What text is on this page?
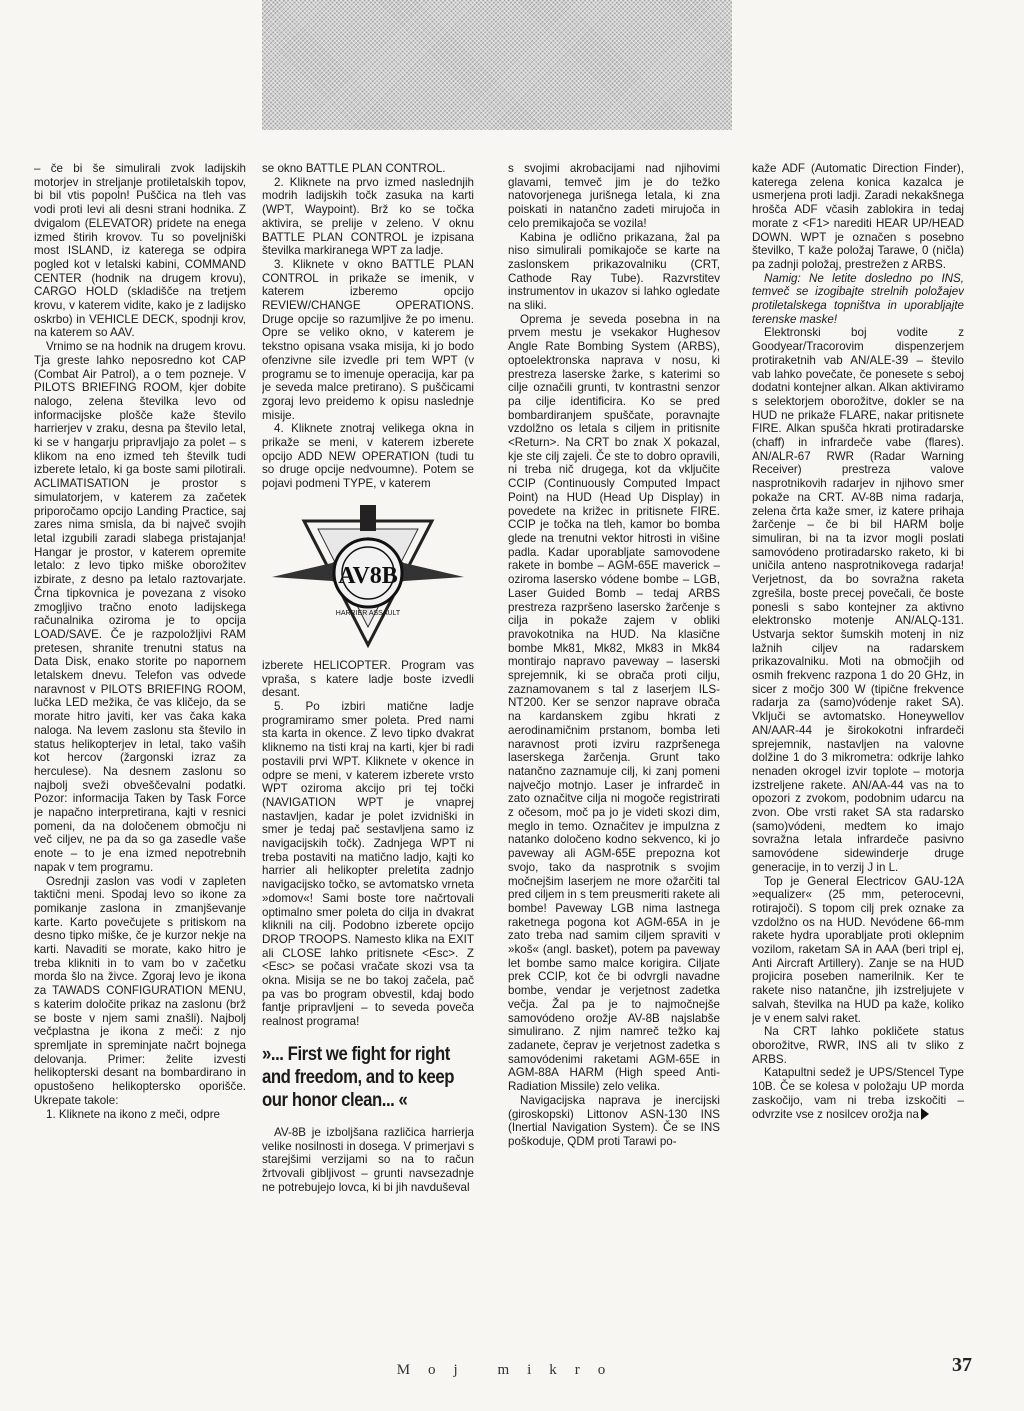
– če bi še simulirali zvok ladijskih motorjev in streljanje protiletalskih topov, bi bil vtis popoln! Puščica na tleh vas vodi proti levi ali desni strani hodnika. Z dvigalom (ELEVATOR) pridete na enega izmed štirih krovov. Tu so poveljniški most ISLAND, iz katerega se odpira pogled kot v letalski kabini, COMMAND CENTER (hodnik na drugem krovu), CARGO HOLD (skladišče na tretjem krovu, v katerem vidite, kako je z ladijsko oskrbo) in VEHICLE DECK, spodnji krov, na katerem so AAV.

Vrnimo se na hodnik na drugem krovu. Tja greste lahko neposredno kot CAP (Combat Air Patrol), a o tem pozneje. V PILOTS BRIEFING ROOM, kjer dobite nalogo, zelena številka levo od informacijske plošče kaže število harrierjev v zraku, desna pa število letal, ki se v hangarju pripravljajo za polet – s klikom na eno izmed teh številk tudi izberete letalo, ki ga boste sami pilotirali. ACLIMATISATION je prostor s simulatorjem, v katerem za začetek priporočamo opcijo Landing Practice, saj zares nima smisla, da bi največ svojih letal izgubili zaradi slabega pristajanja! Hangar je prostor, v katerem opremite letalo: z levo tipko miške oborožitev izbirate, z desno pa letalo raztovarjate. Črna tipkovnica je povezana z visoko zmogljivo tračno enoto ladijskega računalnika oziroma je to opcija LOAD/SAVE. Če je razpoložljivi RAM pretesen, shranite trenutni status na Data Disk, enako storite po napornem letalskem dnevu. Telefon vas odvede naravnost v PILOTS BRIEFING ROOM, lučka LED mežika, če vas kličejo, da se morate hitro javiti, ker vas čaka kaka naloga. Na levem zaslonu sta število in status helikopterjev in letal, tako vaših kot hercov (žargonski izraz za herculese). Na desnem zaslonu so najbolj sveži obveščevalni podatki. Pozor: informacija Taken by Task Force je napačno interpretirana, kajti v resnici pomeni, da na določenem območju ni več ciljev, ne pa da so ga zasedle vaše enote – to je ena izmed nepotrebnih napak v tem programu.

Osrednji zaslon vas vodi v zapleten taktični meni. Spodaj levo so ikone za pomikanje zaslona in zmanjševanje karte. Karto povečujete s pritiskom na desno tipko miške, če je kurzor nekje na karti. Navaditi se morate, kako hitro je treba klikniti in to vam bo v začetku morda šlo na živce. Zgoraj levo je ikona za TAWADS CONFIGURATION MENU, s katerim določite prikaz na zaslonu (brž se boste v njem sami znašli). Najbolj večplastna je ikona z meči: z njo spremljate in spreminjate načrt bojnega delovanja. Primer: želite izvesti helikopterski desant na bombardirano in opustošeno helikoptersko oporišče. Ukrepate takole:

1. Kliknete na ikono z meči, odpre

se okno BATTLE PLAN CONTROL.

2. Kliknete na prvo izmed naslednjih modrih ladijskih točk zasuka na karti (WPT, Waypoint). Brž ko se točka aktivira, se prelije v zeleno. V oknu BATTLE PLAN CONTROL je izpisana številka markiranega WPT za ladje.

3. Kliknete v okno BATTLE PLAN CONTROL in prikaže se imenik, v katerem izberemo opcijo REVIEW/CHANGE OPERATIONS. Druge opcije so razumljive že po imenu. Opre se veliko okno, v katerem je tekstno opisana vsaka misija, ki jo bodo ofenzivne sile izvedle pri tem WPT (v programu se to imenuje operacija, kar pa je seveda malce pretirano). S puščicami zgoraj levo preidemo k opisu naslednje misije.

4. Kliknete znotraj velikega okna in prikaže se meni, v katerem izberete opcijo ADD NEW OPERATION (tudi tu so druge opcije nedvoumne). Potem se pojavi podmeni TYPE, v katerem

AV8B
HARRIER ASSAULT

izberete HELICOPTER. Program vas vpraša, s katere ladje boste izvedli desant.

5. Po izbiri matične ladje programiramo smer poleta. Pred nami sta karta in okence. Z levo tipko dvakrat kliknemo na tisti kraj na karti, kjer bi radi postavili prvi WPT. Kliknete v okence in odpre se meni, v katerem izberete vrsto WPT oziroma akcijo pri tej točki (NAVIGATION WPT je vnaprej nastavljen, kadar je polet izvidniški in smer je tedaj pač sestavljena samo iz navigacijskih točk). Zadnjega WPT ni treba postaviti na matično ladjo, kajti ko harrier ali helikopter preletita zadnjo navigacijsko točko, se avtomatsko vrneta »domov«! Sami boste tore načrtovali optimalno smer poleta do cilja in dvakrat kliknili na cilj. Podobno izberete opcijo DROP TROOPS. Namesto klika na EXIT ali CLOSE lahko pritisnete <Esc>. Z <Esc> se počasi vračate skozi vsa ta okna. Misija se ne bo takoj začela, pač pa vas bo program obvestil, kdaj bodo fantje pripravljeni – to seveda poveča realnost programa!

»... First we fight for right and freedom, and to keep our honor clean... «

AV-8B je izboljšana različica harrierja velike nosilnosti in dosega. V primerjavi s starejšimi verzijami so na to račun žrtvovali gibljivost – grunti navsezadnje ne potrebujejo lovca, ki bi jih navduševal

s svojimi akrobacijami nad njihovimi glavami, temveč jim je do težko natovorjenega jurišnega letala, ki zna poiskati in natančno zadeti mirujoča in celo premikajoča se vozila!

Kabina je odlično prikazana, žal pa niso simulirali pomikajoče se karte na zaslonskem prikazovalniku (CRT, Cathode Ray Tube). Razvrstitev instrumentov in ukazov si lahko ogledate na sliki.

Oprema je seveda posebna in na prvem mestu je vsekakor Hughesov Angle Rate Bombing System (ARBS), optoelektronska naprava v nosu, ki prestreza laserske žarke, s katerimi so cilje označili grunti, tv kontrastni senzor pa cilje identificira. Ko se pred bombardiranjem spuščate, poravnajte vzdolžno os letala s ciljem in pritisnite <Return>. Na CRT bo znak X pokazal, kje ste cilj zajeli. Če ste to dobro opravili, ni treba nič drugega, kot da vključite CCIP (Continuously Computed Impact Point) na HUD (Head Up Display) in povedete na križec in pritisnete FIRE. CCIP je točka na tleh, kamor bo bomba glede na trenutni vektor hitrosti in višine padla. Kadar uporabljate samovodene rakete in bombe – AGM-65E maverick – oziroma lasersko vódene bombe – LGB, Laser Guided Bomb – tedaj ARBS prestreza razpršeno lasersko žarčenje s cilja in pokaže zajem v obliki pravokotnika na HUD. Na klasične bombe Mk81, Mk82, Mk83 in Mk84 montirajo napravo paveway – laserski sprejemnik, ki se obrača proti cilju, zaznamovanem s tal z laserjem ILS-NT200. Ker se senzor naprave obrača na kardanskem zgibu hkrati z aerodinamičnim prstanom, bomba leti naravnost proti izviru razpršenega laserskega žarčenja. Grunt tako natančno zaznamuje cilj, ki zanj pomeni največjo motnjo. Laser je infrardeč in zato označitve cilja ni mogoče registrirati z očesom, moč pa jo je videti skozi dim, meglo in temo. Označitev je impulzna z natanko določeno kodno sekvenco, ki jo paveway ali AGM-65E prepozna kot svojo, tako da nasprotnik s svojim močnejšim laserjem ne more ožarčiti tal pred ciljem in s tem preusmeriti rakete ali bombe! Paveway LGB nima lastnega raketnega pogona kot AGM-65A in je zato treba nad samim ciljem spraviti v »koš« (angl. basket), potem pa paveway let bombe samo malce korigira. Ciljate prek CCIP, kot če bi odvrgli navadne bombe, vendar je verjetnost zadetka večja. Žal pa je to najmočnejše samovódeno orožje AV-8B najslabše simulirano. Z njim namreč težko kaj zadanete, čeprav je verjetnost zadetka s samovódenimi raketami AGM-65E in AGM-88A HARM (High speed Anti-Radiation Missile) zelo velika.

Navigacijska naprava je inercijski (giroskopski) Littonov ASN-130 INS (Inertial Navigation System). Če se INS poškoduje, QDM proti Tarawi po-

kaže ADF (Automatic Direction Finder), katerega zelena konica kazalca je usmerjena proti ladji. Zaradi nekakšnega hrošča ADF včasih zablokira in tedaj morate z <F1> narediti HEAR UP/HEAD DOWN. WPT je označen s posebno številko, T kaže položaj Tarawe, 0 (ničla) pa zadnji položaj, prestrežen z ARBS.

Namig: Ne letite dosledno po INS, temveč se izogibajte strelnih položajev protiletalskega topništva in uporabljajte terenske maske!

Elektronski boj vodite z Goodyear/Tracorovim dispenzerjem protiraketnih vab AN/ALE-39 – število vab lahko povečate, če ponesete s seboj dodatni kontejner alkan. Alkan aktiviramo s selektorjem oborožitve, dokler se na HUD ne prikaže FLARE, nakar pritisnete FIRE. Alkan spušča hkrati protiradarske (chaff) in infrardeče vabe (flares). AN/ALR-67 RWR (Radar Warning Receiver) prestreza valove nasprotnikovih radarjev in njihovo smer pokaže na CRT. AV-8B nima radarja, zelena črta kaže smer, iz katere prihaja žarčenje – če bi bil HARM bolje simuliran, bi na ta izvor mogli poslati samovódeno protiradarsko raketo, ki bi uničila anteno nasprotnikovega radarja! Verjetnost, da bo sovražna raketa zgrešila, boste precej povečali, če boste ponesli s sabo kontejner za aktivno elektronsko motenje AN/ALQ-131. Ustvarja sektor šumskih motenj in niz lažnih ciljev na radarskem prikazovalniku. Moti na območjih od osmih frekvenc razpona 1 do 20 GHz, in sicer z močjo 300 W (tipične frekvence radarja za (samo)vódenje raket SA). Vključi se avtomatsko. Honeywellov AN/AAR-44 je širokokotni infrardeči sprejemnik, nastavljen na valovne dolžine 1 do 3 mikrometra: odkrije lahko nenaden okrogel izvir toplote – motorja izstreljene rakete. AN/AA-44 vas na to opozori z zvokom, podobnim udarcu na zvon. Obe vrsti raket SA sta radarsko (samo)vódeni, medtem ko imajo sovražna letala infrardeče pasivno samovódene sidewinderje druge generacije, in to verzij J in L.

Top je General Electricov GAU-12A »equalizer« (25 mm, peterocevni, rotirajoči). S topom cilj prek oznake za vzdolžno os na HUD. Nevódene 66-mm rakete hydra uporabljate proti oklepnim vozilom, raketam SA in AAA (beri tripl ej, Anti Aircraft Artillery). Zanje se na HUD projicira poseben namerilnik. Ker te rakete niso natančne, jih izstreljujete v salvah, številka na HUD pa kaže, koliko je v enem salvi raket.

Na CRT lahko pokličete status oborožitve, RWR, INS ali tv sliko z ARBS.

Katapultni sedež je UPS/Stencel Type 10B. Če se kolesa v položaju UP morda zaskočijo, vam ni treba izskočiti – odvrzite vse z nosilcev orožja na

Moj mikro	37
